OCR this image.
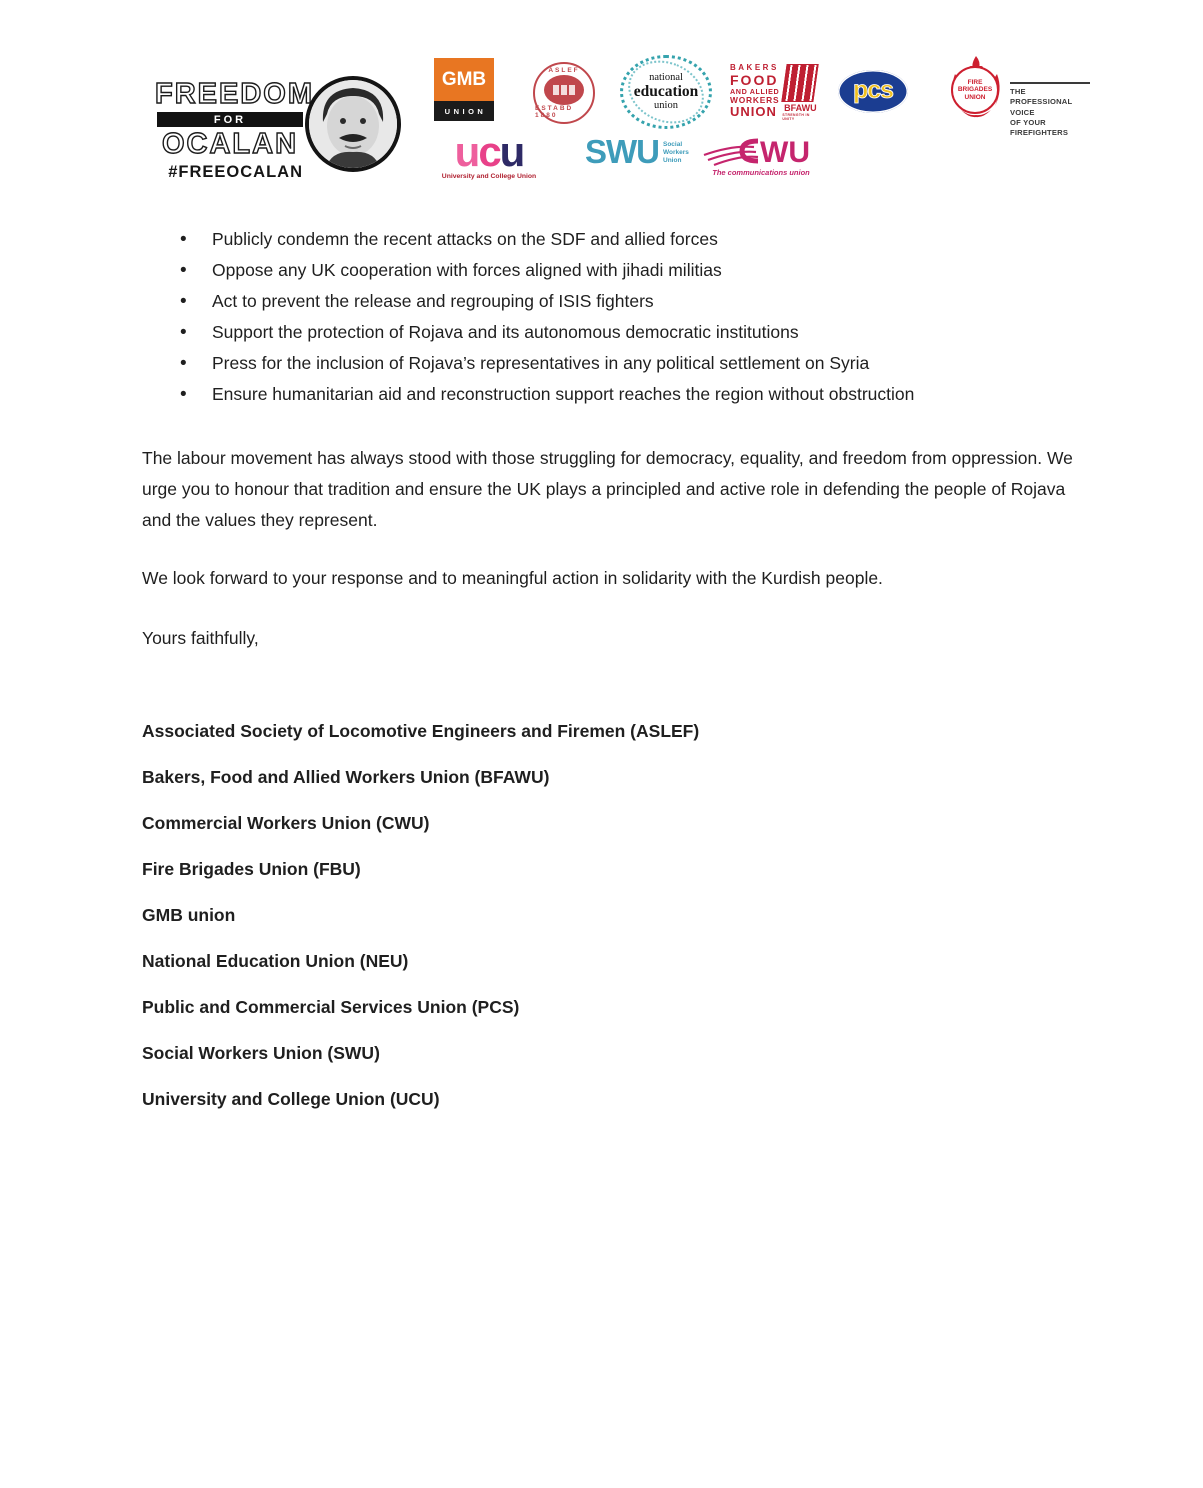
FREEDOM
FOR
OCALAN
#FREEOCALAN
GMB
UNION
ASLEF
ESTABD 1880
national
education
union
ucu
University and College Union
SWU Social
Workers
Union	WU
The communications union
BAKERS
FOOD
AND ALLIED
WORKERS
UNION BFAWU
STRENGTH IN UNITY
pcs	FIRE
BRIGADES
UNION
THE PROFESSIONAL VOICE
OF YOUR FIREFIGHTERS
• Publicly condemn the recent attacks on the SDF and allied forces
• Oppose any UK cooperation with forces aligned with jihadi militias
• Act to prevent the release and regrouping of ISIS fighters
• Support the protection of Rojava and its autonomous democratic institutions
• Press for the inclusion of Rojava’s representatives in any political settlement on Syria
• Ensure humanitarian aid and reconstruction support reaches the region without obstruction

The labour movement has always stood with those struggling for democracy, equality, and freedom from oppression. We urge you to honour that tradition and ensure the UK plays a principled and active role in defending the people of Rojava and the values they represent.

We look forward to your response and to meaningful action in solidarity with the Kurdish people.

Yours faithfully,

Associated Society of Locomotive Engineers and Firemen (ASLEF)

Bakers, Food and Allied Workers Union (BFAWU)

Commercial Workers Union (CWU)

Fire Brigades Union (FBU)

GMB union

National Education Union (NEU)

Public and Commercial Services Union (PCS)

Social Workers Union (SWU)

University and College Union (UCU)
